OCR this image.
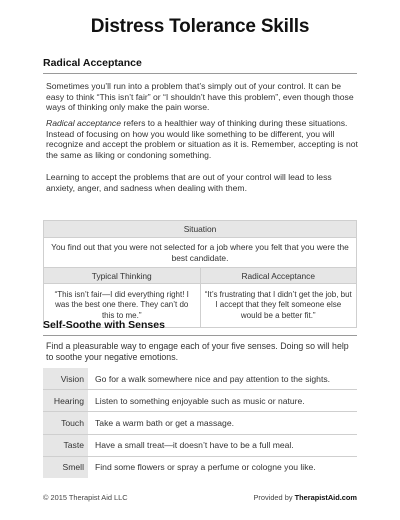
Distress Tolerance Skills
Radical Acceptance
Sometimes you’ll run into a problem that’s simply out of your control. It can be easy to think “This isn’t fair” or “I shouldn’t have this problem”, even though those ways of thinking only make the pain worse.
Radical acceptance refers to a healthier way of thinking during these situations. Instead of focusing on how you would like something to be different, you will recognize and accept the problem or situation as it is. Remember, accepting is not the same as liking or condoning something.
Learning to accept the problems that are out of your control will lead to less anxiety, anger, and sadness when dealing with them.
Situation	
You find out that you were not selected for a job where you felt that you were the best candidate.	
Typical Thinking	Radical Acceptance
“This isn’t fair—I did everything right! I was the best one there. They can’t do this to me.”	“It’s frustrating that I didn’t get the job, but I accept that they felt someone else would be a better fit.”
Self-Soothe with Senses
Find a pleasurable way to engage each of your five senses. Doing so will help to soothe your negative emotions.
Vision	Go for a walk somewhere nice and pay attention to the sights.
Hearing	Listen to something enjoyable such as music or nature.
Touch	Take a warm bath or get a massage.
Taste	Have a small treat—it doesn’t have to be a full meal.
Smell	Find some flowers or spray a perfume or cologne you like.
© 2015 Therapist Aid LLC	Provided by TherapistAid.com
